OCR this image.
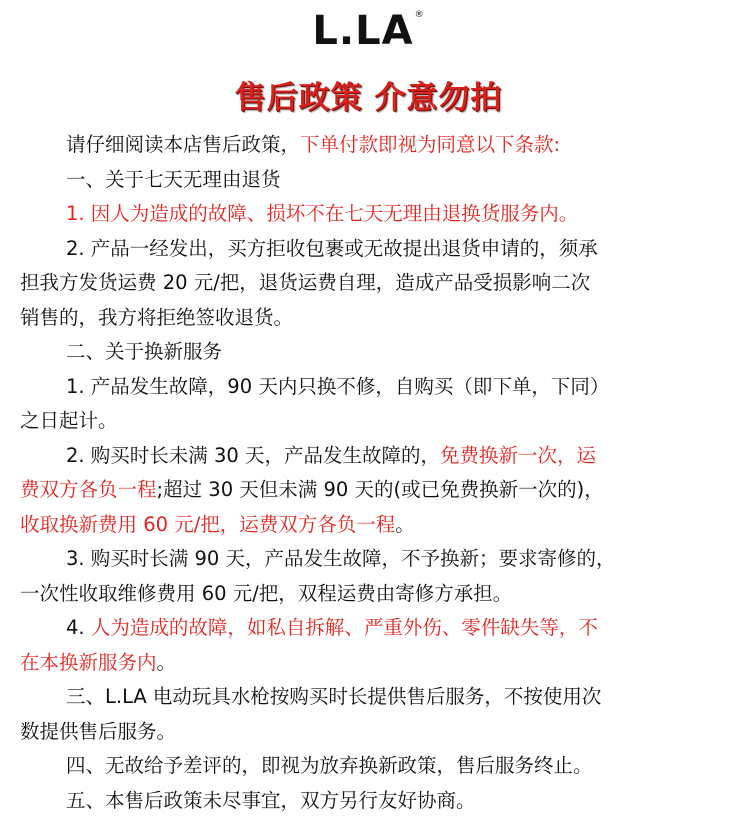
L.LA®
售后政策 介意勿拍
请仔细阅读本店售后政策，下单付款即视为同意以下条款:
一、关于七天无理由退货
1. 因人为造成的故障、损坏不在七天无理由退换货服务内。
2. 产品一经发出，买方拒收包裹或无故提出退货申请的，须承
担我方发货运费 20 元/把，退货运费自理，造成产品受损影响二次
销售的，我方将拒绝签收退货。
二、关于换新服务
1. 产品发生故障，90 天内只换不修，自购买（即下单，下同）
之日起计。
2. 购买时长未满 30 天，产品发生故障的，免费换新一次，运
费双方各负一程;超过 30 天但未满 90 天的(或已免费换新一次的)，
收取换新费用 60 元/把，运费双方各负一程。
3. 购买时长满 90 天，产品发生故障，不予换新；要求寄修的，
一次性收取维修费用 60 元/把，双程运费由寄修方承担。
4. 人为造成的故障，如私自拆解、严重外伤、零件缺失等，不
在本换新服务内。
三、L.LA 电动玩具水枪按购买时长提供售后服务，不按使用次
数提供售后服务。
四、无故给予差评的，即视为放弃换新政策，售后服务终止。
五、本售后政策未尽事宜，双方另行友好协商。
